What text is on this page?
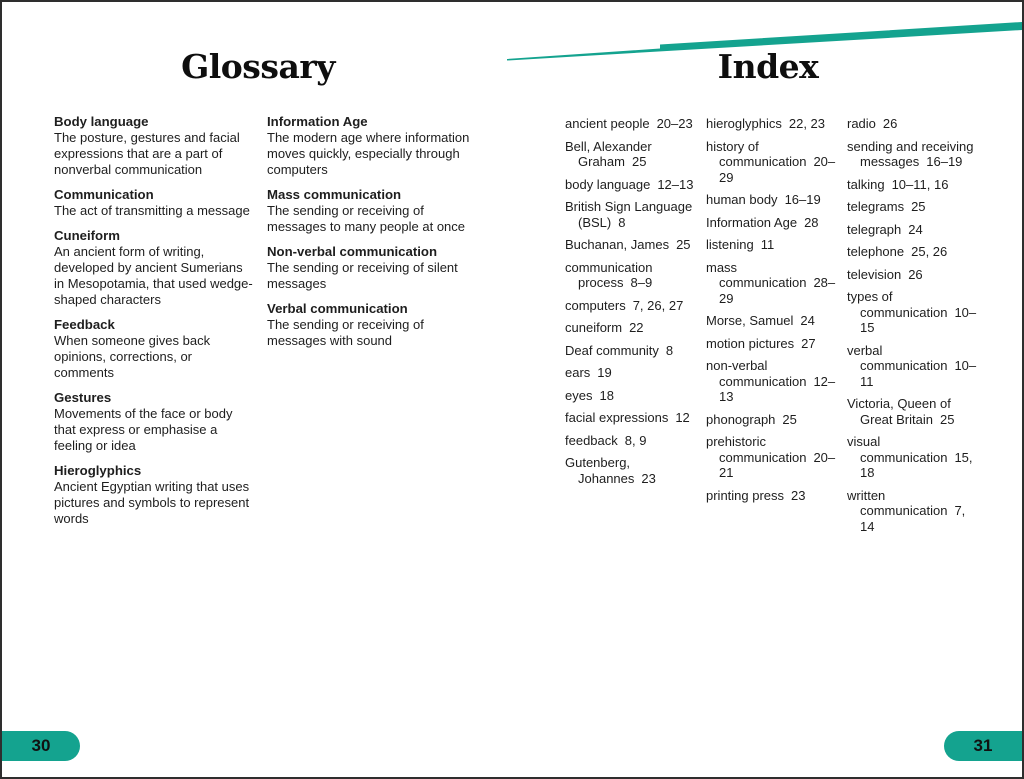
Glossary	Index
Body language
The posture, gestures and facial expressions that are a part of nonverbal communication
Communication
The act of transmitting a message
Cuneiform
An ancient form of writing, developed by ancient Sumerians in Mesopotamia, that used wedge-shaped characters
Feedback
When someone gives back opinions, corrections, or comments
Gestures
Movements of the face or body that express or emphasise a feeling or idea
Hieroglyphics
Ancient Egyptian writing that uses pictures and symbols to represent words
Information Age
The modern age where information moves quickly, especially through computers
Mass communication
The sending or receiving of messages to many people at once
Non-verbal communication
The sending or receiving of silent messages
Verbal communication
The sending or receiving of messages with sound
ancient people 20–23
Bell, Alexander Graham 25
body language 12–13
British Sign Language (BSL) 8
Buchanan, James 25
communication process 8–9
computers 7, 26, 27
cuneiform 22
Deaf community 8
ears 19
eyes 18
facial expressions 12
feedback 8, 9
Gutenberg, Johannes 23
hieroglyphics 22, 23
history of communication 20–29
human body 16–19
Information Age 28
listening 11
mass communication 28–29
Morse, Samuel 24
motion pictures 27
non-verbal communication 12–13
phonograph 25
prehistoric communication 20–21
printing press 23
radio 26
sending and receiving messages 16–19
talking 10–11, 16
telegrams 25
telegraph 24
telephone 25, 26
television 26
types of communication 10–15
verbal communication 10–11
Victoria, Queen of Great Britain 25
visual communication 15, 18
written communication 7, 14
30	31
